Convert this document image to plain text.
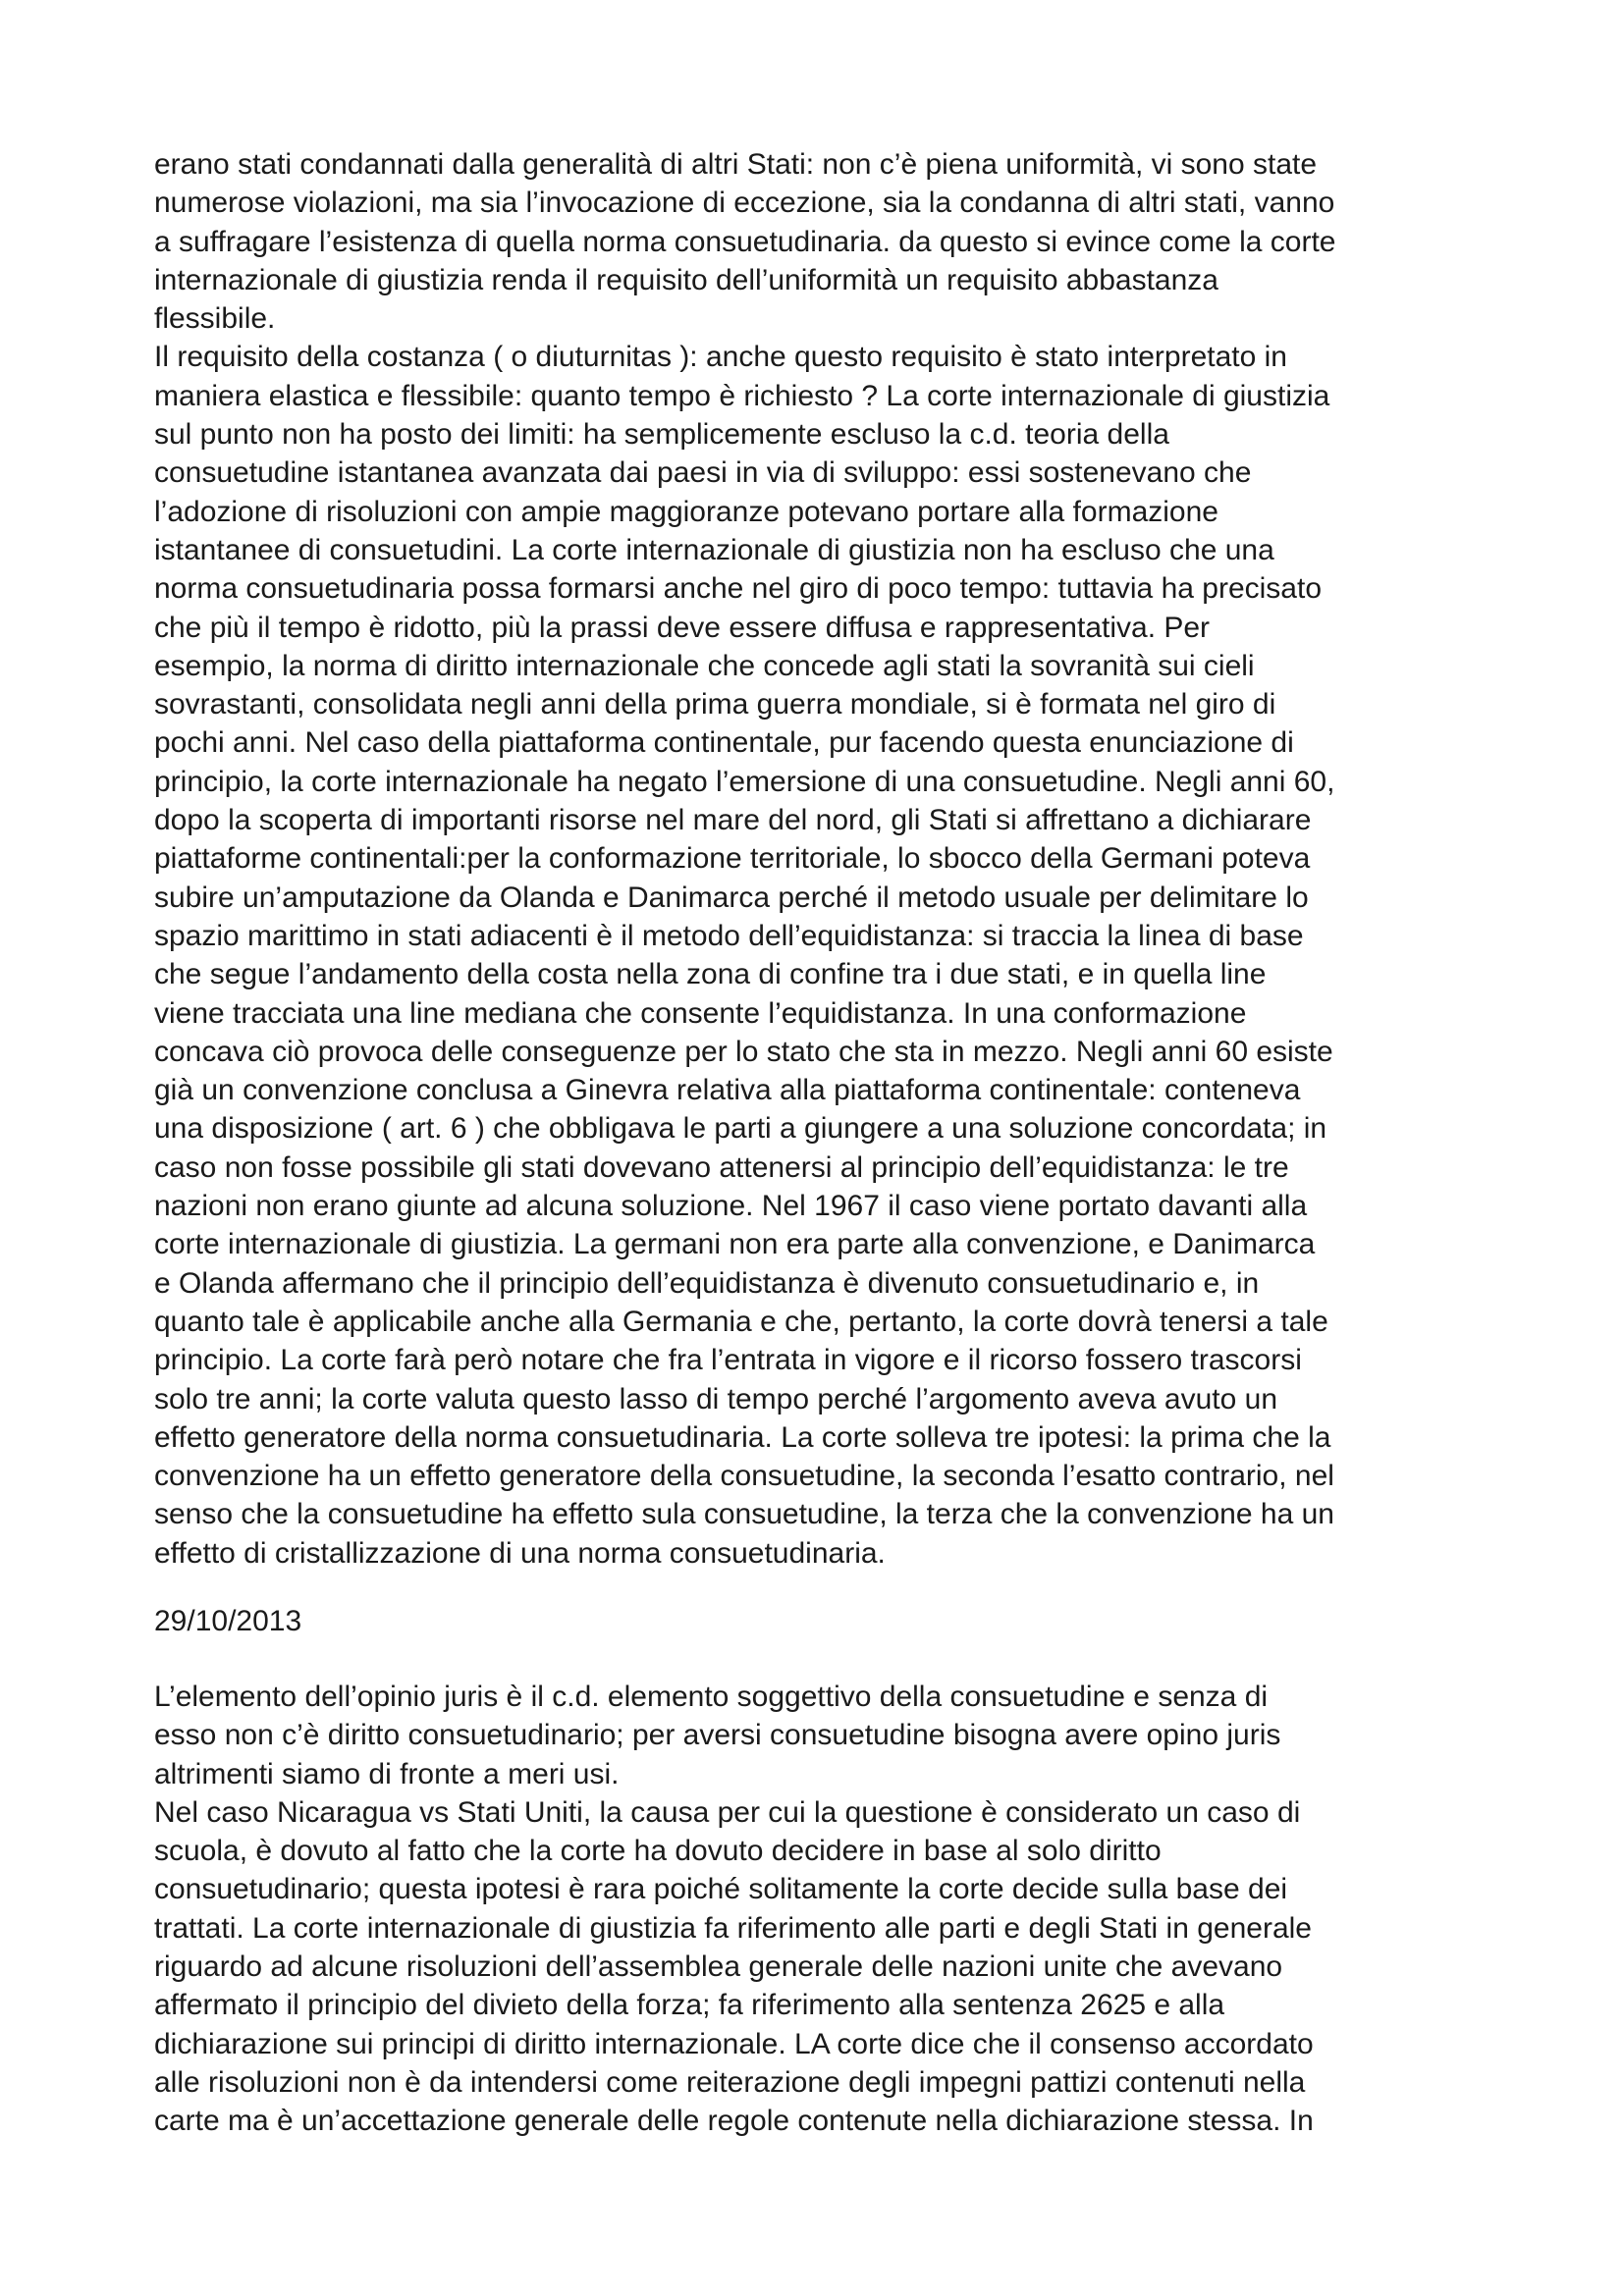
erano stati condannati dalla generalità di altri Stati: non c’è piena uniformità, vi sono state
numerose violazioni, ma sia l’invocazione di eccezione, sia la condanna di altri stati, vanno
a suffragare l’esistenza di quella norma consuetudinaria. da questo si evince come la corte
internazionale di giustizia renda il requisito dell’uniformità un requisito abbastanza
flessibile.
Il requisito della costanza ( o diuturnitas ): anche questo requisito è stato interpretato in
maniera elastica e flessibile: quanto tempo è richiesto ? La corte internazionale di giustizia
sul punto non ha posto dei limiti: ha semplicemente escluso la c.d. teoria della
consuetudine istantanea avanzata dai paesi in via di sviluppo: essi sostenevano che
l’adozione di risoluzioni con ampie maggioranze potevano portare alla formazione
istantanee di consuetudini. La corte internazionale di giustizia non ha escluso che una
norma consuetudinaria possa formarsi anche nel giro di poco tempo: tuttavia ha precisato
che più il tempo è ridotto, più la prassi deve essere diffusa e rappresentativa. Per
esempio, la norma di diritto internazionale che concede agli stati la sovranità sui cieli
sovrastanti, consolidata negli anni della prima guerra mondiale, si è formata nel giro di
pochi anni. Nel caso della piattaforma continentale, pur facendo questa enunciazione di
principio, la corte internazionale ha negato l’emersione di una consuetudine. Negli anni 60,
dopo la scoperta di importanti risorse nel mare del nord, gli Stati si affrettano a dichiarare
piattaforme continentali:per la conformazione territoriale, lo sbocco della Germani poteva
subire un’amputazione da Olanda e Danimarca perché il metodo usuale per delimitare lo
spazio marittimo in stati adiacenti è il metodo dell’equidistanza: si traccia la linea di base
che segue l’andamento della costa nella zona di confine tra i due stati, e in quella line
viene tracciata una line mediana che consente l’equidistanza. In una conformazione
concava ciò provoca delle conseguenze per lo stato che sta in mezzo. Negli anni 60 esiste
già un convenzione conclusa a Ginevra relativa alla piattaforma continentale: conteneva
una disposizione ( art. 6 ) che obbligava le parti a giungere a una soluzione concordata; in
caso non fosse possibile gli stati dovevano attenersi al principio dell’equidistanza: le tre
nazioni non erano giunte ad alcuna soluzione. Nel 1967 il caso viene portato davanti alla
corte internazionale di giustizia. La germani non era parte alla convenzione, e Danimarca
e Olanda affermano che il principio dell’equidistanza è divenuto consuetudinario e, in
quanto tale è applicabile anche alla Germania e che, pertanto, la corte dovrà tenersi a tale
principio. La corte farà però notare che fra l’entrata in vigore e il ricorso fossero trascorsi
solo tre anni; la corte valuta questo lasso di tempo perché l’argomento aveva avuto un
effetto generatore della norma consuetudinaria. La corte solleva tre ipotesi: la prima che la
convenzione ha un effetto generatore della consuetudine, la seconda l’esatto contrario, nel
senso che la consuetudine ha effetto sula consuetudine, la terza che la convenzione ha un
effetto di cristallizzazione di una norma consuetudinaria.
29/10/2013
L’elemento dell’opinio juris è il c.d. elemento soggettivo della consuetudine e senza di
esso non c’è diritto consuetudinario; per aversi consuetudine bisogna avere opino juris
altrimenti siamo di fronte a meri usi.
Nel caso Nicaragua vs Stati Uniti, la causa per cui la questione è considerato un caso di
scuola, è dovuto al fatto che la corte ha dovuto decidere in base al solo diritto
consuetudinario; questa ipotesi è rara poiché solitamente la corte decide sulla base dei
trattati. La corte internazionale di giustizia fa riferimento alle parti e degli Stati in generale
riguardo ad alcune risoluzioni dell’assemblea generale delle nazioni unite che avevano
affermato il principio del divieto della forza; fa riferimento alla sentenza 2625 e alla
dichiarazione sui principi di diritto internazionale. LA corte dice che il consenso accordato
alle risoluzioni non è da intendersi come reiterazione degli impegni pattizi contenuti nella
carte ma è un’accettazione generale delle regole contenute nella dichiarazione stessa. In
